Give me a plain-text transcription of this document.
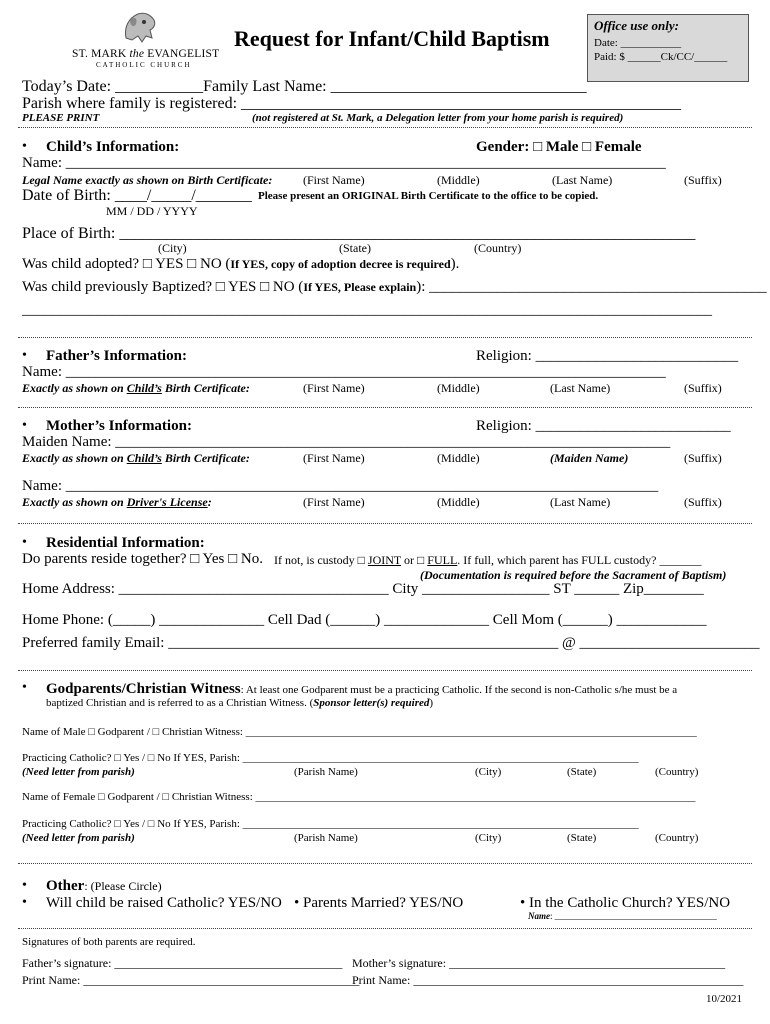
ST. MARK the EVANGELIST
CATHOLIC CHURCH
Request for Infant/Child Baptism
Office use only:
Date: ___________
Paid: $ ______Ck/CC/______
Today’s Date: ___________Family Last Name: ________________________________
Parish where family is registered: _______________________________________________________
PLEASE PRINT	(not registered at St. Mark, a Delegation letter from your home parish is required)
• Child’s Information:	Gender: □ Male □ Female
Name: ________________________________________________________________________________
Legal Name exactly as shown on Birth Certificate:	(First Name)	(Middle)	(Last Name)	(Suffix)
Date of Birth: ____/_____/_______ Please present an ORIGINAL Birth Certificate to the office to be copied.
MM / DD / YYYY
Place of Birth: ________________________________________________________________________
(City)	(State)	(Country)
Was child adopted? □ YES □ NO (If YES, copy of adoption decree is required).
Was child previously Baptized? □ YES □ NO (If YES, Please explain): _____________________________________________
____________________________________________________________________________________________
• Father’s Information:	Religion: ___________________________
Name: ________________________________________________________________________________
Exactly as shown on Child’s Birth Certificate:	(First Name)	(Middle)	(Last Name)	(Suffix)
• Mother’s Information:	Religion: __________________________
Maiden Name: __________________________________________________________________________
Exactly as shown on Child’s Birth Certificate:	(First Name)	(Middle)	(Maiden Name)	(Suffix)
Name: _______________________________________________________________________________
Exactly as shown on Driver's License:	(First Name)	(Middle)	(Last Name)	(Suffix)
• Residential Information:
Do parents reside together? □ Yes □ No. If not, is custody □ JOINT or □ FULL. If full, which parent has FULL custody? _______
(Documentation is required before the Sacrament of Baptism)
Home Address: ____________________________________ City _________________ ST ______ Zip________
Home Phone: (_____) ______________ Cell Dad (______) ______________ Cell Mom (______) ____________
Preferred family Email: ____________________________________________________ @ ________________________
• Godparents/Christian Witness: At least one Godparent must be a practicing Catholic. If the second is non-Catholic s/he must be a
baptized Christian and is referred to as a Christian Witness. (Sponsor letter(s) required)
Name of Male □ Godparent / □ Christian Witness: __________________________________________________________________________________
Practicing Catholic? □ Yes / □ No If YES, Parish: ________________________________________________________________________
(Need letter from parish)	(Parish Name)	(City)	(State)	(Country)
Name of Female □ Godparent / □ Christian Witness: ________________________________________________________________________________
Practicing Catholic? □ Yes / □ No If YES, Parish: ________________________________________________________________________
(Need letter from parish)	(Parish Name)	(City)	(State)	(Country)
• Other: (Please Circle)
• Will child be raised Catholic? YES/NO • Parents Married? YES/NO	• In the Catholic Church? YES/NO
Name: ____________________________________
Signatures of both parents are required.
Father’s signature: ______________________________________ Mother’s signature: ______________________________________________
Print Name: ______________________________________________
Print Name: _______________________________________________________
10/2021
